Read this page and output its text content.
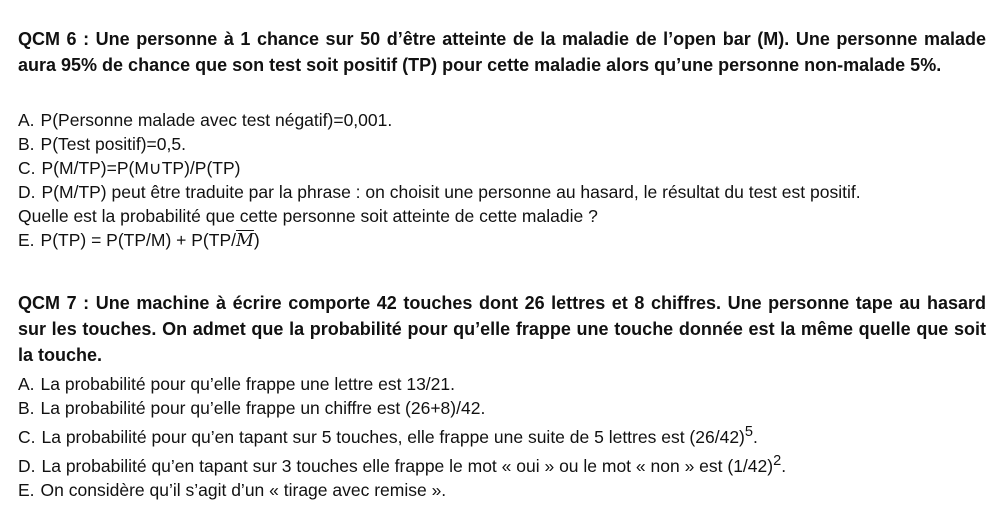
QCM 6 : Une personne à 1 chance sur 50 d’être atteinte de la maladie de l’open bar (M). Une personne malade aura 95% de chance que son test soit positif (TP) pour cette maladie alors qu’une personne non-malade 5%.

A. P(Personne malade avec test négatif)=0,001.

B. P(Test positif)=0,5.

C. P(M/TP)=P(M∪TP)/P(TP)

D. P(M/TP) peut être traduite par la phrase : on choisit une personne au hasard, le résultat du test est positif.

Quelle est la probabilité que cette personne soit atteinte de cette maladie ?

E. $P(TP) = P(TP/M) + P(TP/\overline{M})$

QCM 7 : Une machine à écrire comporte 42 touches dont 26 lettres et 8 chiffres. Une personne tape au hasard sur les touches. On admet que la probabilité pour qu’elle frappe une touche donnée est la même quelle que soit la touche.

A. La probabilité pour qu’elle frappe une lettre est 13/21.

B. La probabilité pour qu’elle frappe un chiffre est (26+8)/42.

C. La probabilité pour qu’en tapant sur 5 touches, elle frappe une suite de 5 lettres est $(26/42)^5$.

D. La probabilité qu’en tapant sur 3 touches elle frappe le mot « oui » ou le mot « non » est $(1/42)^2$.

E. On considère qu’il s’agit d’un « tirage avec remise ».
